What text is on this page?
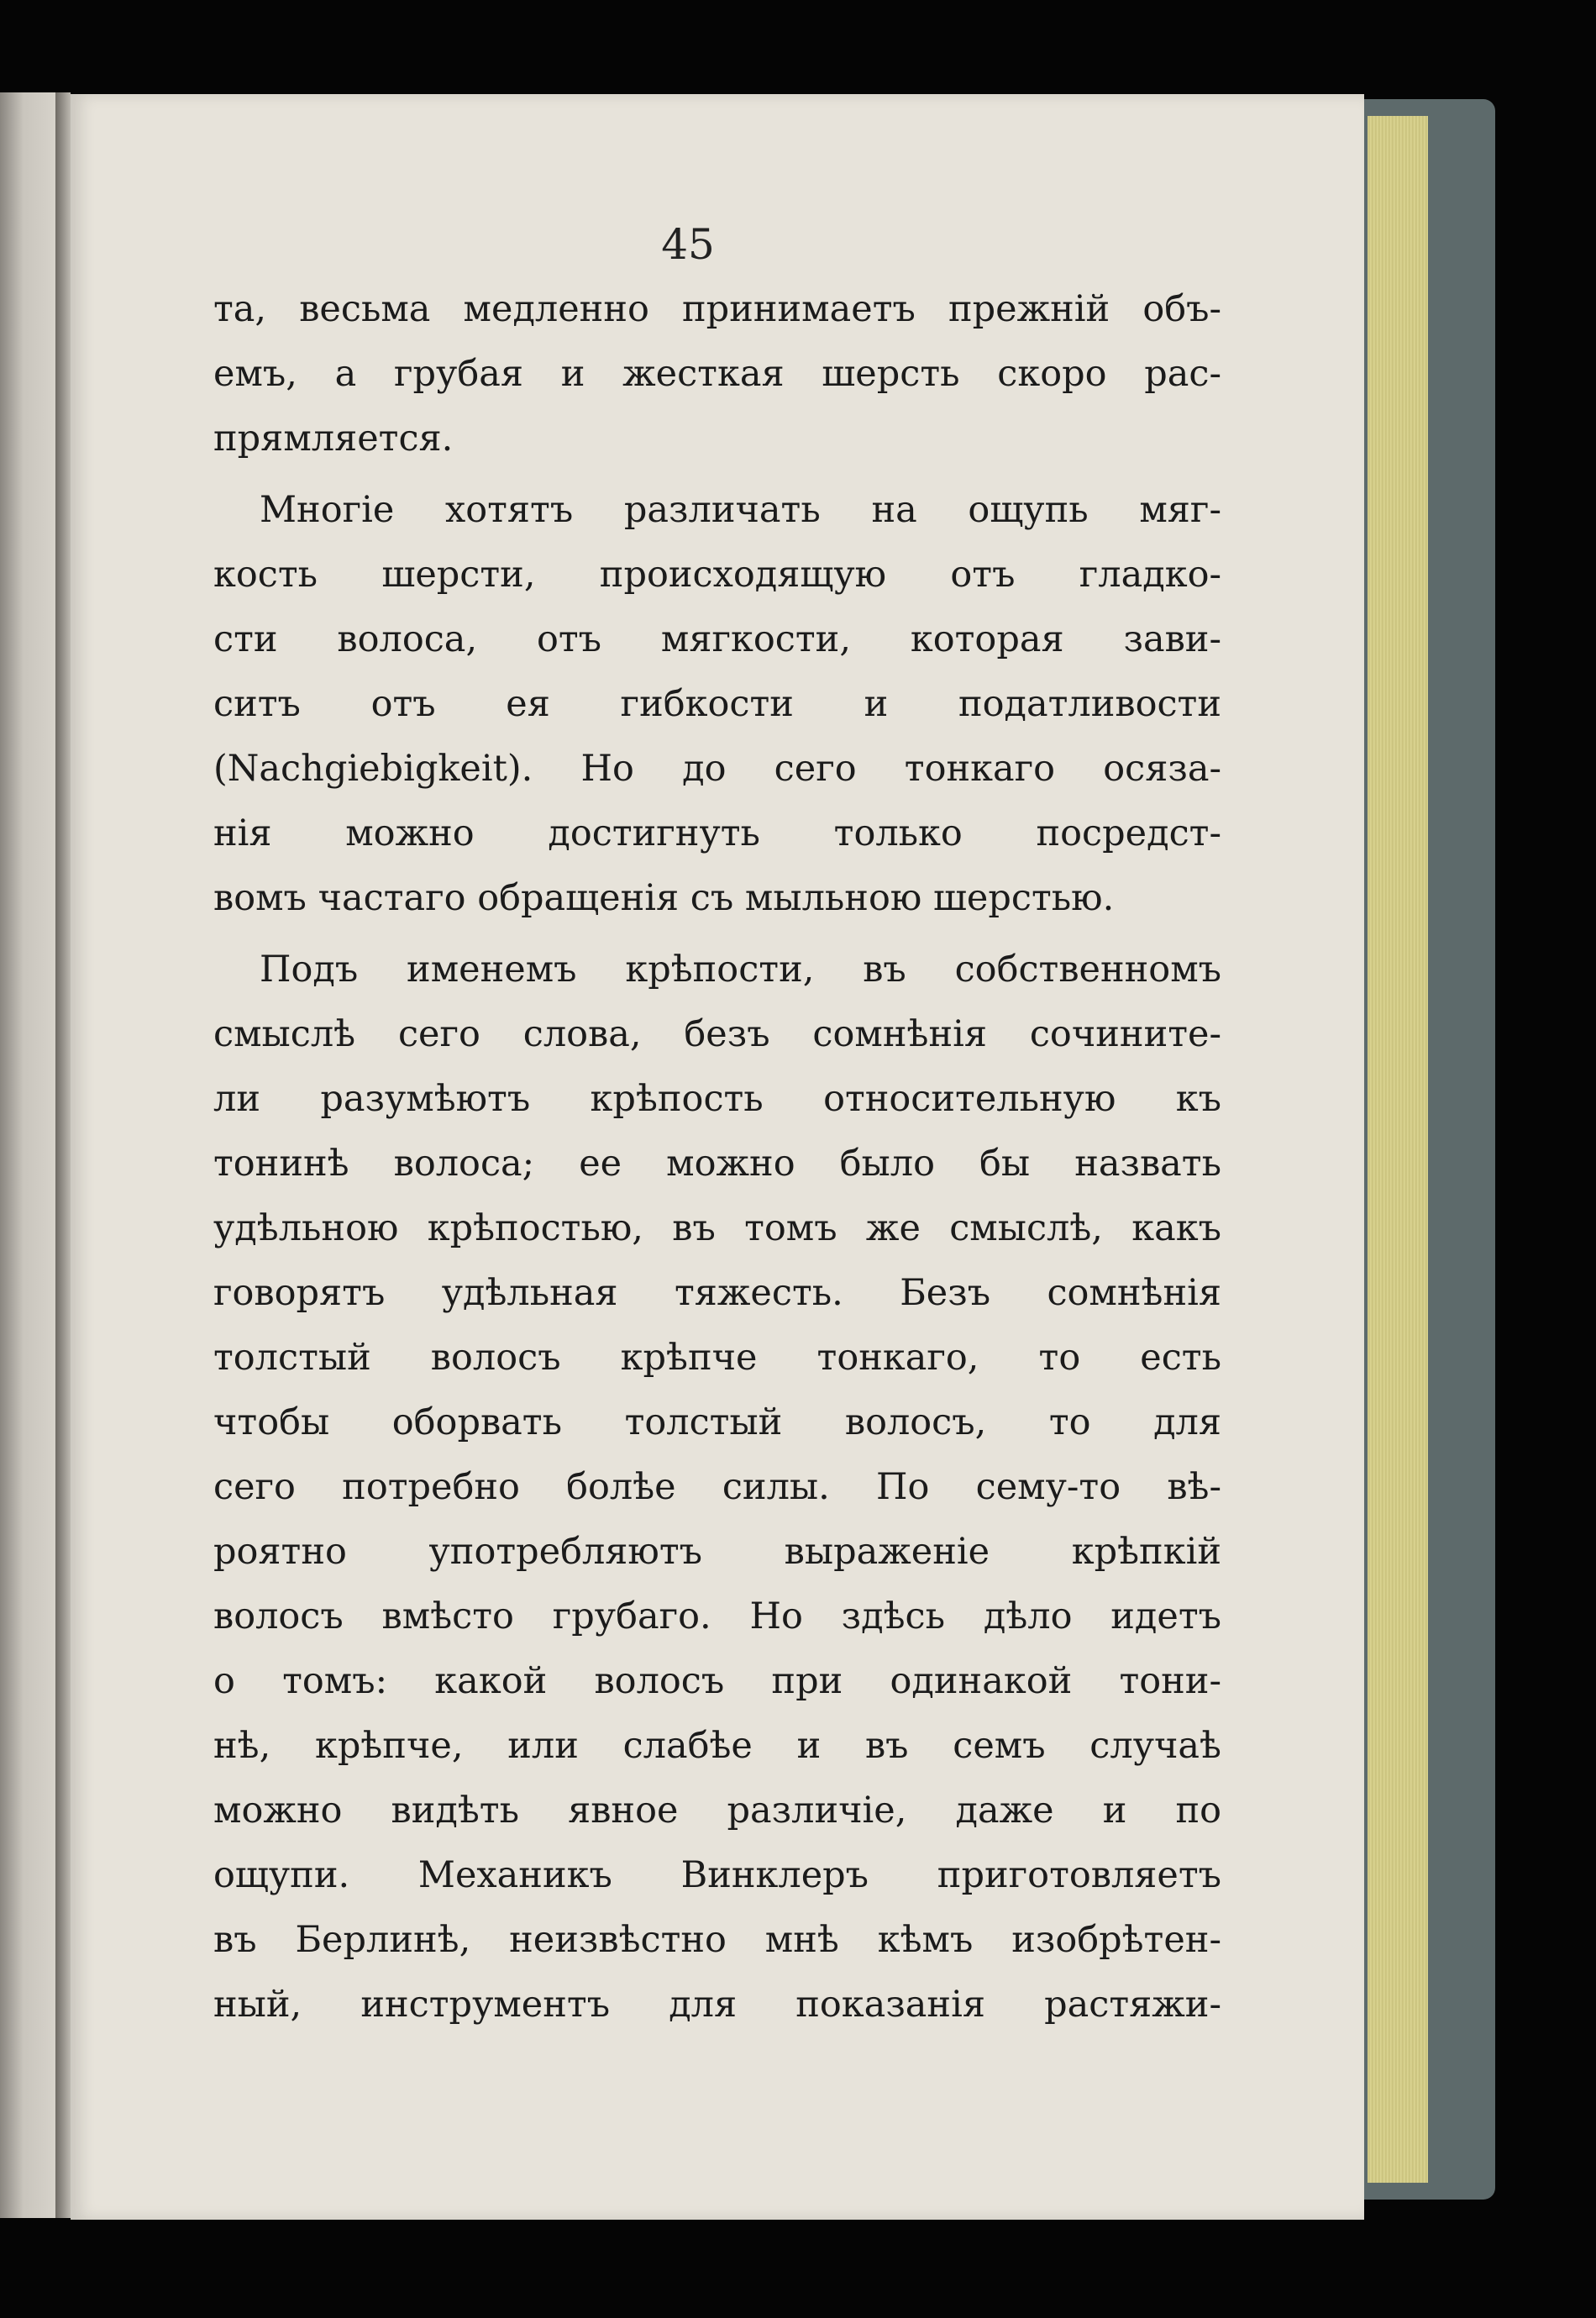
45
та, весьма медленно принимаетъ прежній объ-
емъ, а грубая и жесткая шерсть скоро рас-
прямляется.
Многіе хотятъ различать на ощупь мяг-
кость шерсти, происходящую отъ гладко-
сти волоса, отъ мягкости, которая зави-
ситъ отъ ея гибкости и податливости
(Nachgiebigkeit). Но до сего тонкаго осяза-
нія можно достигнуть только посредст-
вомъ частаго обращенія съ мыльною шерстью.
Подъ именемъ крѣпости, въ собственномъ
смыслѣ сего слова, безъ сомнѣнія сочините-
ли разумѣютъ крѣпость относительную къ
тонинѣ волоса; ее можно было бы назвать
удѣльною крѣпостью, въ томъ же смыслѣ, какъ
говорятъ удѣльная тяжесть. Безъ сомнѣнія
толстый волосъ крѣпче тонкаго, то есть
чтобы оборвать толстый волосъ, то для
сего потребно болѣе силы. По сему-то вѣ-
роятно употребляютъ выраженіе крѣпкій
волосъ вмѣсто грубаго. Но здѣсь дѣло идетъ
о томъ: какой волосъ при одинакой тони-
нѣ, крѣпче, или слабѣе и въ семъ случаѣ
можно видѣть явное различіе, даже и по
ощупи. Механикъ Винклеръ приготовляетъ
въ Берлинѣ, неизвѣстно мнѣ кѣмъ изобрѣтен-
ный, инструментъ для показанія растяжи-
